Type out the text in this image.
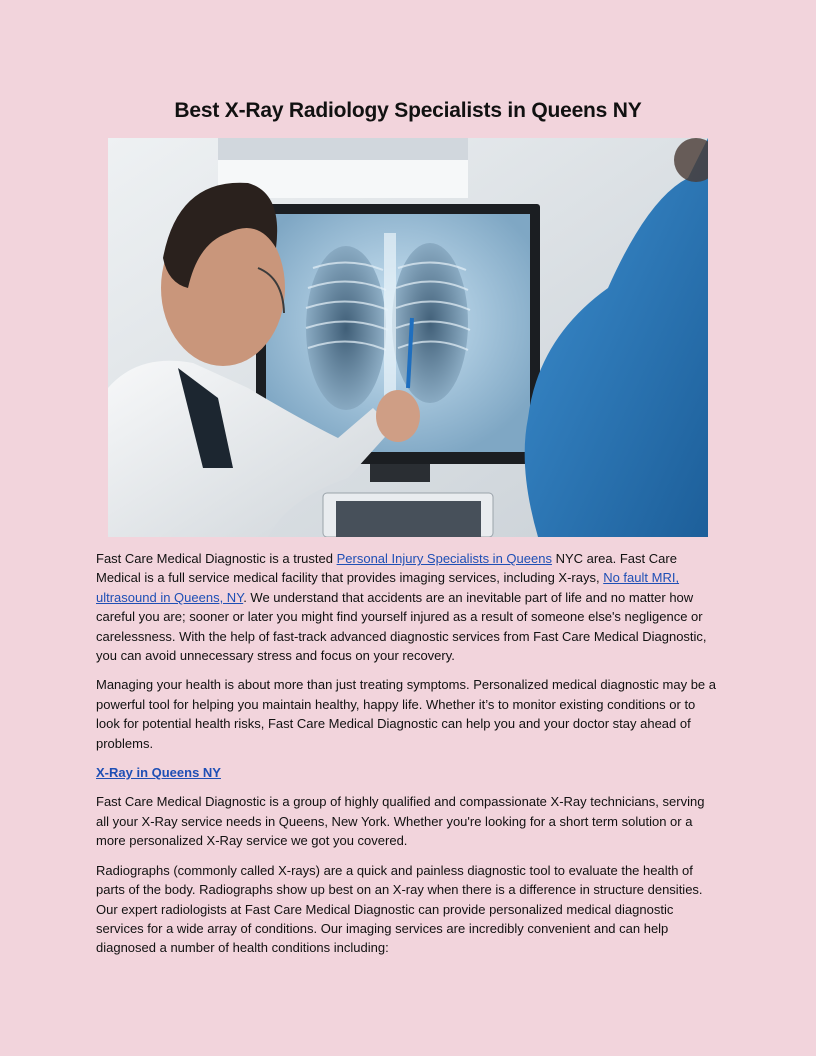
Best X-Ray Radiology Specialists in Queens NY

Fast Care Medical Diagnostic is a trusted Personal Injury Specialists in Queens NYC area. Fast Care Medical is a full service medical facility that provides imaging services, including X-rays, No fault MRI, ultrasound in Queens, NY. We understand that accidents are an inevitable part of life and no matter how careful you are; sooner or later you might find yourself injured as a result of someone else's negligence or carelessness. With the help of fast-track advanced diagnostic services from Fast Care Medical Diagnostic, you can avoid unnecessary stress and focus on your recovery.

Managing your health is about more than just treating symptoms. Personalized medical diagnostic may be a powerful tool for helping you maintain healthy, happy life. Whether it’s to monitor existing conditions or to look for potential health risks, Fast Care Medical Diagnostic can help you and your doctor stay ahead of problems.

X-Ray in Queens NY

Fast Care Medical Diagnostic is a group of highly qualified and compassionate X-Ray technicians, serving all your X-Ray service needs in Queens, New York. Whether you're looking for a short term solution or a more personalized X-Ray service we got you covered.

Radiographs (commonly called X-rays) are a quick and painless diagnostic tool to evaluate the health of parts of the body. Radiographs show up best on an X-ray when there is a difference in structure densities. Our expert radiologists at Fast Care Medical Diagnostic can provide personalized medical diagnostic services for a wide array of conditions. Our imaging services are incredibly convenient and can help diagnosed a number of health conditions including:
